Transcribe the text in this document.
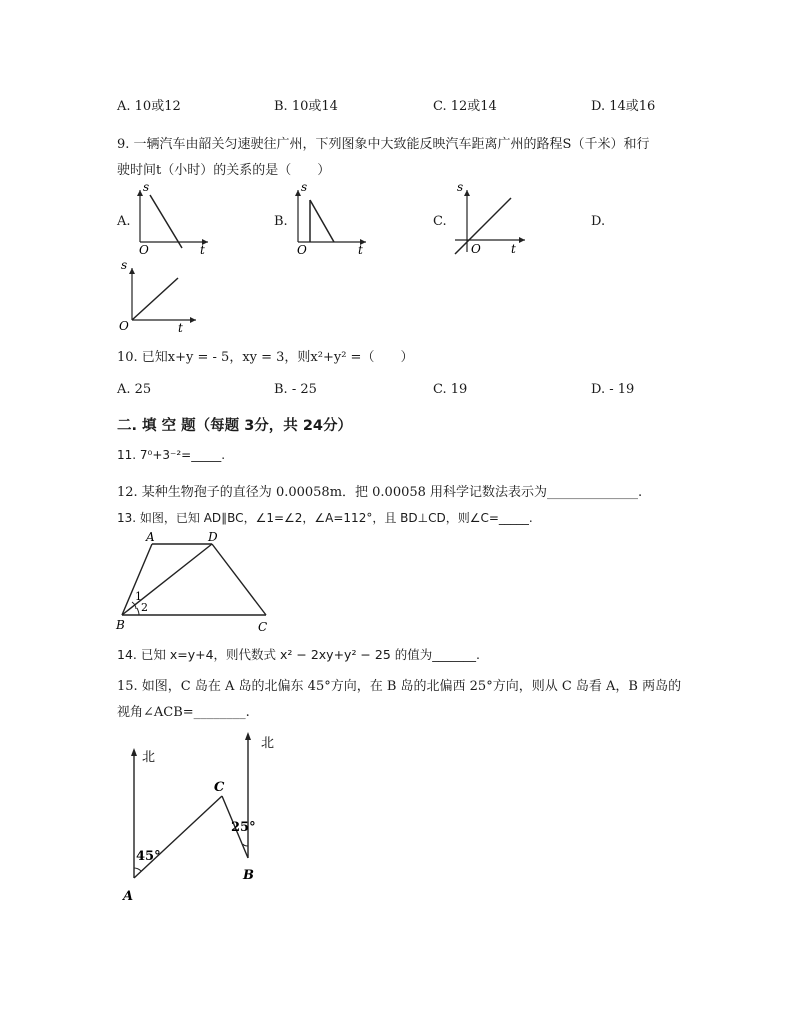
A. 10或12	B. 10或14	C. 12或14	D. 14或16
9. 一辆汽车由韶关匀速驶往广州，下列图象中大致能反映汽车距离广州的路程S（千米）和行
驶时间t（小时）的关系的是（　　）
A.	B.	C.	D.
s
t
O
s
t
O
s
t
O
s
t
O
10. 已知x+y = - 5，xy = 3，则x²+y² =（　　）
A. 25	B. - 25	C. 19	D. - 19
二. 填 空 题（每题 3分，共 24分）
11. 7⁰+3⁻²=_____.
12. 某种生物孢子的直径为 0.00058m．把 0.00058 用科学记数法表示为______________.
13. 如图，已知 AD∥BC，∠1=∠2，∠A=112°，且 BD⊥CD，则∠C=_____.
A	D
B	C
1
2
14. 已知 x=y+4，则代数式 x² − 2xy+y² − 25 的值为_______.
15. 如图，C 岛在 A 岛的北偏东 45°方向，在 B 岛的北偏西 25°方向，则从 C 岛看 A，B 两岛的
视角∠ACB=________.
北
北
45°
25°
A
B
C
